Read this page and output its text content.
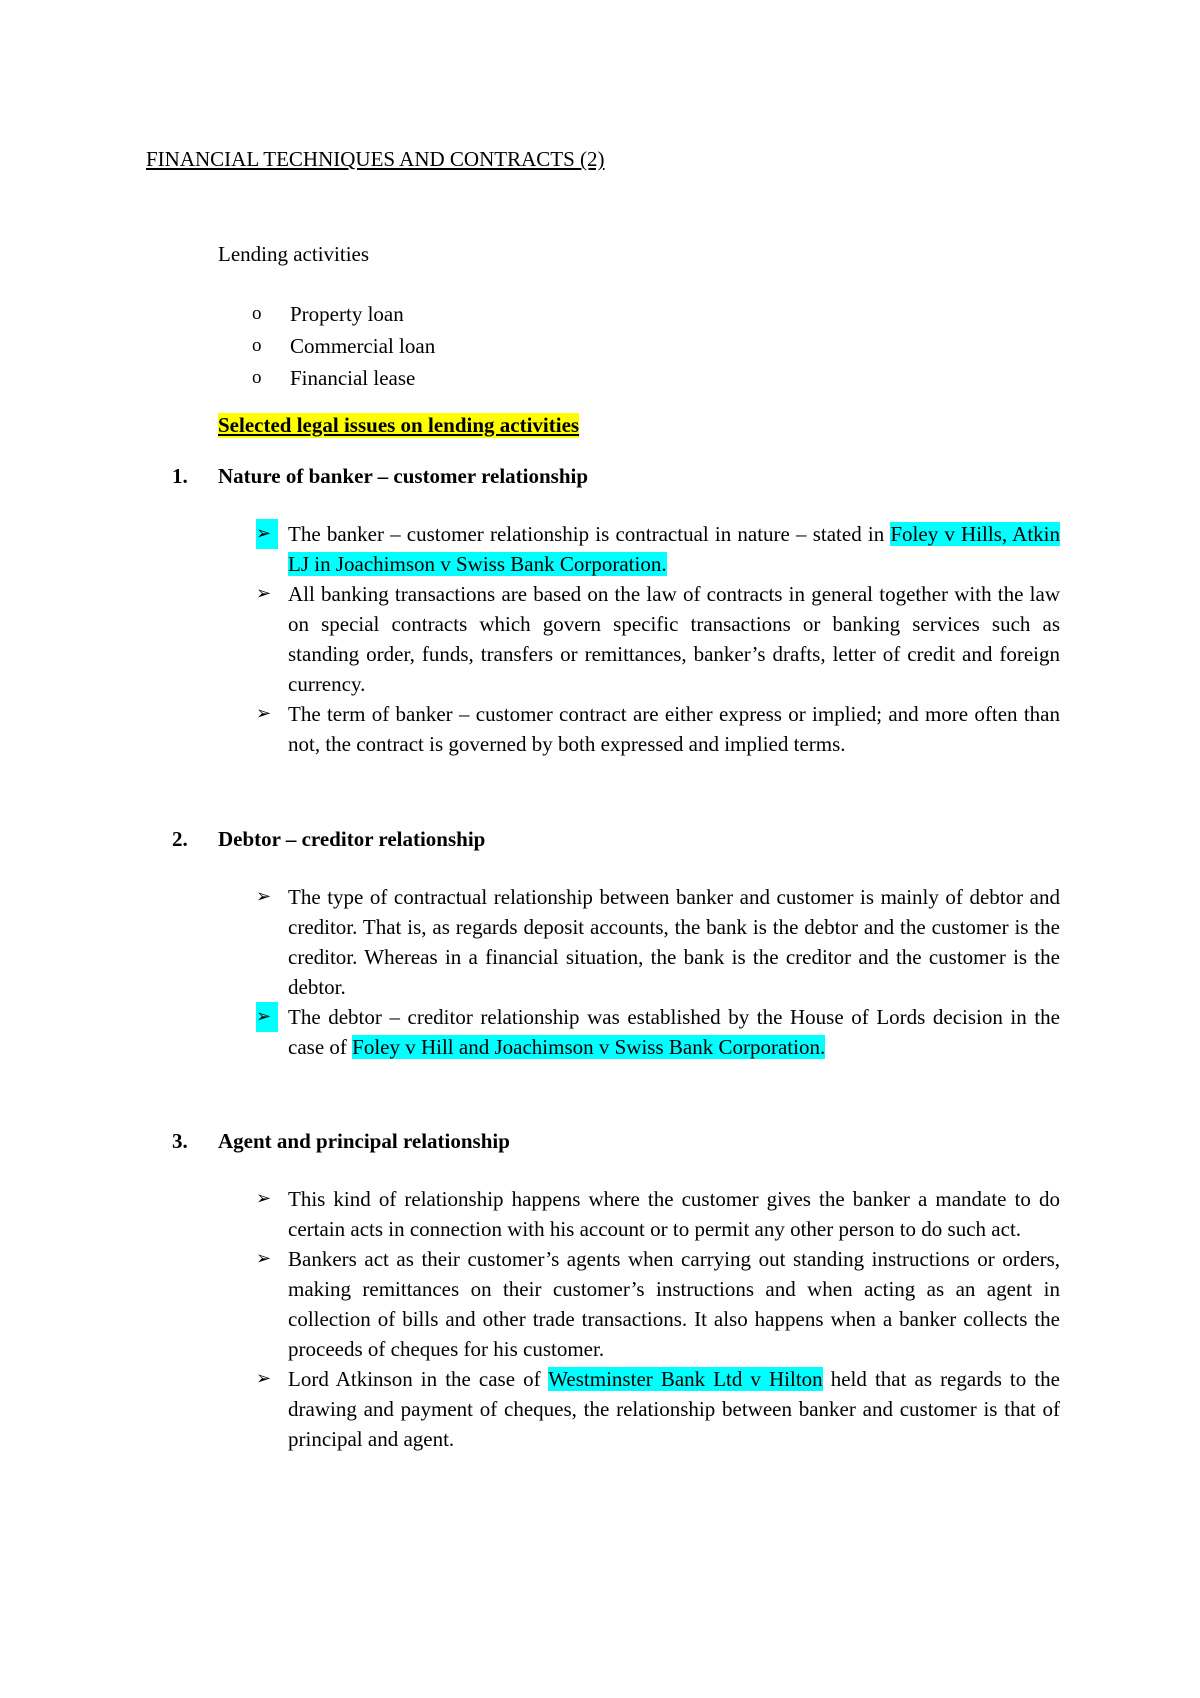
FINANCIAL TECHNIQUES AND CONTRACTS (2)
Lending activities
o Property loan
o Commercial loan
o Financial lease
Selected legal issues on lending activities
1. Nature of banker – customer relationship
➢ The banker – customer relationship is contractual in nature – stated in Foley v Hills, Atkin LJ in Joachimson v Swiss Bank Corporation.
➢ All banking transactions are based on the law of contracts in general together with the law on special contracts which govern specific transactions or banking services such as standing order, funds, transfers or remittances, banker’s drafts, letter of credit and foreign currency.
➢ The term of banker – customer contract are either express or implied; and more often than not, the contract is governed by both expressed and implied terms.
2. Debtor – creditor relationship
➢ The type of contractual relationship between banker and customer is mainly of debtor and creditor. That is, as regards deposit accounts, the bank is the debtor and the customer is the creditor. Whereas in a financial situation, the bank is the creditor and the customer is the debtor.
➢ The debtor – creditor relationship was established by the House of Lords decision in the case of Foley v Hill and Joachimson v Swiss Bank Corporation.
3. Agent and principal relationship
➢ This kind of relationship happens where the customer gives the banker a mandate to do certain acts in connection with his account or to permit any other person to do such act.
➢ Bankers act as their customer’s agents when carrying out standing instructions or orders, making remittances on their customer’s instructions and when acting as an agent in collection of bills and other trade transactions. It also happens when a banker collects the proceeds of cheques for his customer.
➢ Lord Atkinson in the case of Westminster Bank Ltd v Hilton held that as regards to the drawing and payment of cheques, the relationship between banker and customer is that of principal and agent.
